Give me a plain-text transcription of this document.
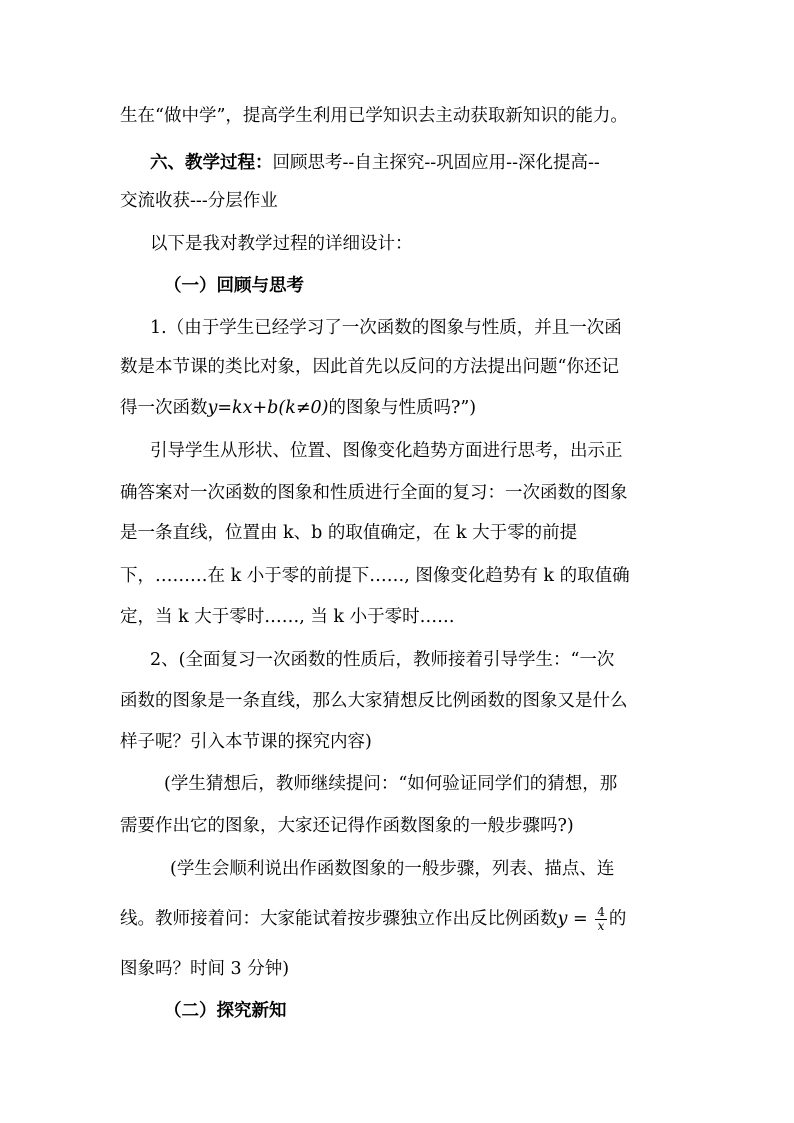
生在“做中学”，提高学生利用已学知识去主动获取新知识的能力。
六、教学过程：回顾思考--自主探究--巩固应用--深化提高--
交流收获---分层作业
以下是我对教学过程的详细设计：
（一）回顾与思考
1.（由于学生已经学习了一次函数的图象与性质，并且一次函
数是本节课的类比对象，因此首先以反问的方法提出问题“你还记
得一次函数y=kx+b(k≠0)的图象与性质吗?”)
引导学生从形状、位置、图像变化趋势方面进行思考，出示正
确答案对一次函数的图象和性质进行全面的复习：一次函数的图象
是一条直线，位置由 k、b 的取值确定，在 k 大于零的前提
下，………在 k 小于零的前提下……, 图像变化趋势有 k 的取值确
定，当 k 大于零时……, 当 k 小于零时……
2、(全面复习一次函数的性质后，教师接着引导学生：“一次
函数的图象是一条直线，那么大家猜想反比例函数的图象又是什么
样子呢？引入本节课的探究内容)
(学生猜想后，教师继续提问：“如何验证同学们的猜想，那
需要作出它的图象，大家还记得作函数图象的一般步骤吗?)
(学生会顺利说出作函数图象的一般步骤，列表、描点、连
线。教师接着问：大家能试着按步骤独立作出反比例函数$y = \frac{4}{x}$ 的
图象吗？时间 3 分钟)
（二）探究新知
